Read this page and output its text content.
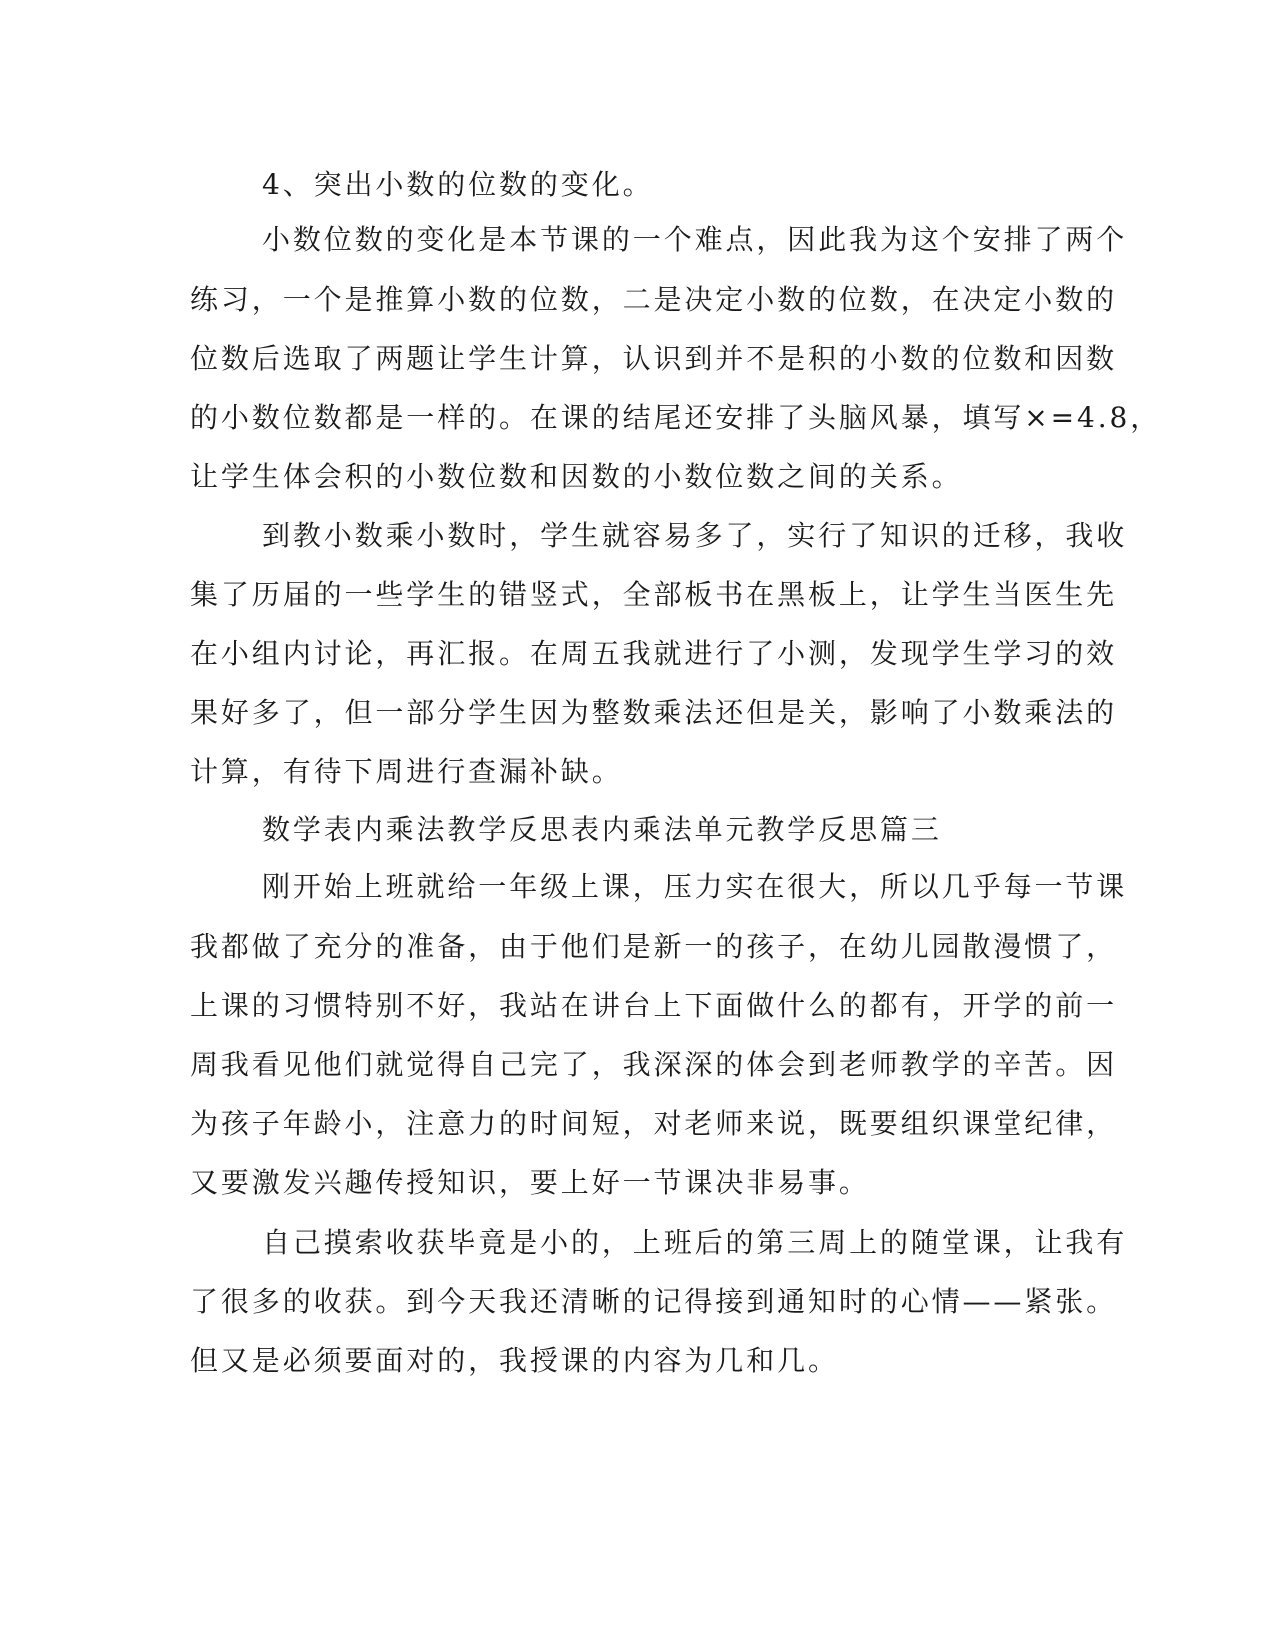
4、突出小数的位数的变化。

小数位数的变化是本节课的一个难点，因此我为这个安排了两个

练习，一个是推算小数的位数，二是决定小数的位数，在决定小数的

位数后选取了两题让学生计算，认识到并不是积的小数的位数和因数

的小数位数都是一样的。在课的结尾还安排了头脑风暴，填写×=4.8，

让学生体会积的小数位数和因数的小数位数之间的关系。

到教小数乘小数时，学生就容易多了，实行了知识的迁移，我收

集了历届的一些学生的错竖式，全部板书在黑板上，让学生当医生先

在小组内讨论，再汇报。在周五我就进行了小测，发现学生学习的效

果好多了，但一部分学生因为整数乘法还但是关，影响了小数乘法的

计算，有待下周进行查漏补缺。

数学表内乘法教学反思表内乘法单元教学反思篇三

刚开始上班就给一年级上课，压力实在很大，所以几乎每一节课

我都做了充分的准备，由于他们是新一的孩子，在幼儿园散漫惯了，

上课的习惯特别不好，我站在讲台上下面做什么的都有，开学的前一

周我看见他们就觉得自己完了，我深深的体会到老师教学的辛苦。因

为孩子年龄小，注意力的时间短，对老师来说，既要组织课堂纪律，

又要激发兴趣传授知识，要上好一节课决非易事。

自己摸索收获毕竟是小的，上班后的第三周上的随堂课，让我有

了很多的收获。到今天我还清晰的记得接到通知时的心情——紧张。

但又是必须要面对的，我授课的内容为几和几。
